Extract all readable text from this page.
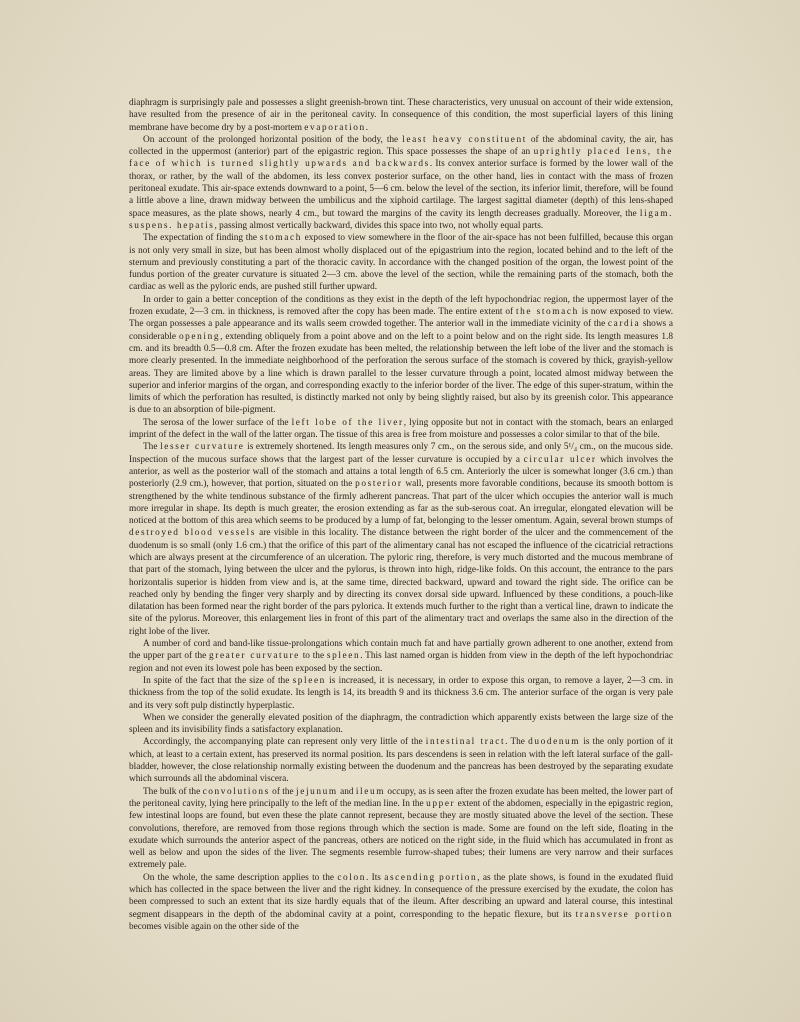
diaphragm is surprisingly pale and possesses a slight greenish-brown tint. These characteristics, very unusual on account of their wide extension, have resulted from the presence of air in the peritoneal cavity. In consequence of this condition, the most superficial layers of this lining membrane have become dry by a post-mortem evaporation.

On account of the prolonged horizontal position of the body, the least heavy constituent of the abdominal cavity, the air, has collected in the uppermost (anterior) part of the epigastric region. This space possesses the shape of an uprightly placed lens, the face of which is turned slightly upwards and backwards. Its convex anterior surface is formed by the lower wall of the thorax, or rather, by the wall of the abdomen, its less convex posterior surface, on the other hand, lies in contact with the mass of frozen peritoneal exudate. This air-space extends downward to a point, 5—6 cm. below the level of the section, its inferior limit, therefore, will be found a little above a line, drawn midway between the umbilicus and the xiphoid cartilage. The largest sagittal diameter (depth) of this lens-shaped space measures, as the plate shows, nearly 4 cm., but toward the margins of the cavity its length decreases gradually. Moreover, the ligam. suspens. hepatis, passing almost vertically backward, divides this space into two, not wholly equal parts.

The expectation of finding the stomach exposed to view somewhere in the floor of the air-space has not been fulfilled, because this organ is not only very small in size, but has been almost wholly displaced out of the epigastrium into the region, located behind and to the left of the sternum and previously constituting a part of the thoracic cavity. In accordance with the changed position of the organ, the lowest point of the fundus portion of the greater curvature is situated 2—3 cm. above the level of the section, while the remaining parts of the stomach, both the cardiac as well as the pyloric ends, are pushed still further upward.

In order to gain a better conception of the conditions as they exist in the depth of the left hypochondriac region, the uppermost layer of the frozen exudate, 2—3 cm. in thickness, is removed after the copy has been made. The entire extent of the stomach is now exposed to view. The organ possesses a pale appearance and its walls seem crowded together. The anterior wall in the immediate vicinity of the cardia shows a considerable opening, extending obliquely from a point above and on the left to a point below and on the right side. Its length measures 1.8 cm. and its breadth 0.5—0.8 cm. After the frozen exudate has been melted, the relationship between the left lobe of the liver and the stomach is more clearly presented. In the immediate neighborhood of the perforation the serous surface of the stomach is covered by thick, grayish-yellow areas. They are limited above by a line which is drawn parallel to the lesser curvature through a point, located almost midway between the superior and inferior margins of the organ, and corresponding exactly to the inferior border of the liver. The edge of this super-stratum, within the limits of which the perforation has resulted, is distinctly marked not only by being slightly raised, but also by its greenish color. This appearance is due to an absorption of bile-pigment.

The serosa of the lower surface of the left lobe of the liver, lying opposite but not in contact with the stomach, bears an enlarged imprint of the defect in the wall of the latter organ. The tissue of this area is free from moisture and possesses a color similar to that of the bile.

The lesser curvature is extremely shortened. Its length measures only 7 cm., on the serous side, and only 5¹/₄ cm., on the mucous side. Inspection of the mucous surface shows that the largest part of the lesser curvature is occupied by a circular ulcer which involves the anterior, as well as the posterior wall of the stomach and attains a total length of 6.5 cm. Anteriorly the ulcer is somewhat longer (3.6 cm.) than posteriorly (2.9 cm.), however, that portion, situated on the posterior wall, presents more favorable conditions, because its smooth bottom is strengthened by the white tendinous substance of the firmly adherent pancreas. That part of the ulcer which occupies the anterior wall is much more irregular in shape. Its depth is much greater, the erosion extending as far as the sub-serous coat. An irregular, elongated elevation will be noticed at the bottom of this area which seems to be produced by a lump of fat, belonging to the lesser omentum. Again, several brown stumps of destroyed blood vessels are visible in this locality. The distance between the right border of the ulcer and the commencement of the duodenum is so small (only 1.6 cm.) that the orifice of this part of the alimentary canal has not escaped the influence of the cicatricial retractions which are always present at the circumference of an ulceration. The pyloric ring, therefore, is very much distorted and the mucous membrane of that part of the stomach, lying between the ulcer and the pylorus, is thrown into high, ridge-like folds. On this account, the entrance to the pars horizontalis superior is hidden from view and is, at the same time, directed backward, upward and toward the right side. The orifice can be reached only by bending the finger very sharply and by directing its convex dorsal side upward. Influenced by these conditions, a pouch-like dilatation has been formed near the right border of the pars pylorica. It extends much further to the right than a vertical line, drawn to indicate the site of the pylorus. Moreover, this enlargement lies in front of this part of the alimentary tract and overlaps the same also in the direction of the right lobe of the liver.

A number of cord and band-like tissue-prolongations which contain much fat and have partially grown adherent to one another, extend from the upper part of the greater curvature to the spleen. This last named organ is hidden from view in the depth of the left hypochondriac region and not even its lowest pole has been exposed by the section.

In spite of the fact that the size of the spleen is increased, it is necessary, in order to expose this organ, to remove a layer, 2—3 cm. in thickness from the top of the solid exudate. Its length is 14, its breadth 9 and its thickness 3.6 cm. The anterior surface of the organ is very pale and its very soft pulp distinctly hyperplastic.

When we consider the generally elevated position of the diaphragm, the contradiction which apparently exists between the large size of the spleen and its invisibility finds a satisfactory explanation.

Accordingly, the accompanying plate can represent only very little of the intestinal tract. The duodenum is the only portion of it which, at least to a certain extent, has preserved its normal position. Its pars descendens is seen in relation with the left lateral surface of the gall-bladder, however, the close relationship normally existing between the duodenum and the pancreas has been destroyed by the separating exudate which surrounds all the abdominal viscera.

The bulk of the convolutions of the jejunum and ileum occupy, as is seen after the frozen exudate has been melted, the lower part of the peritoneal cavity, lying here principally to the left of the median line. In the upper extent of the abdomen, especially in the epigastric region, few intestinal loops are found, but even these the plate cannot represent, because they are mostly situated above the level of the section. These convolutions, therefore, are removed from those regions through which the section is made. Some are found on the left side, floating in the exudate which surrounds the anterior aspect of the pancreas, others are noticed on the right side, in the fluid which has accumulated in front as well as below and upon the sides of the liver. The segments resemble furrow-shaped tubes; their lumens are very narrow and their surfaces extremely pale.

On the whole, the same description applies to the colon. Its ascending portion, as the plate shows, is found in the exudated fluid which has collected in the space between the liver and the right kidney. In consequence of the pressure exercised by the exudate, the colon has been compressed to such an extent that its size hardly equals that of the ileum. After describing an upward and lateral course, this intestinal segment disappears in the depth of the abdominal cavity at a point, corresponding to the hepatic flexure, but its transverse portion becomes visible again on the other side of the
